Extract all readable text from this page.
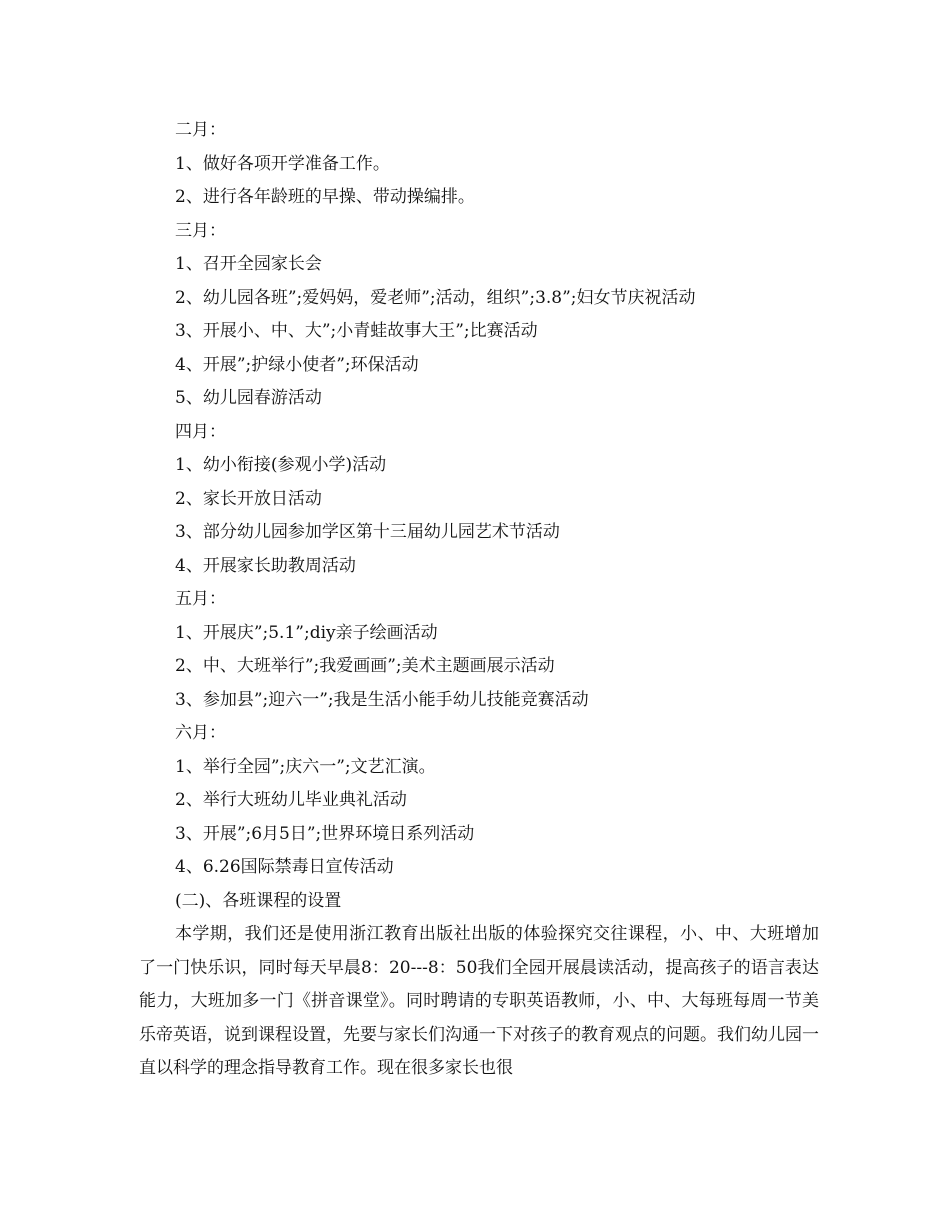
二月：
1、做好各项开学准备工作。
2、进行各年龄班的早操、带动操编排。
三月：
1、召开全园家长会
2、幼儿园各班”;爱妈妈，爱老师”;活动，组织”;3.8”;妇女节庆祝活动
3、开展小、中、大”;小青蛙故事大王”;比赛活动
4、开展”;护绿小使者”;环保活动
5、幼儿园春游活动
四月：
1、幼小衔接(参观小学)活动
2、家长开放日活动
3、部分幼儿园参加学区第十三届幼儿园艺术节活动
4、开展家长助教周活动
五月：
1、开展庆”;5.1”;diy亲子绘画活动
2、中、大班举行”;我爱画画”;美术主题画展示活动
3、参加县”;迎六一”;我是生活小能手幼儿技能竞赛活动
六月：
1、举行全园”;庆六一”;文艺汇演。
2、举行大班幼儿毕业典礼活动
3、开展”;6月5日”;世界环境日系列活动
4、6.26国际禁毒日宣传活动
(二)、各班课程的设置

本学期，我们还是使用浙江教育出版社出版的体验探究交往课程，小、中、大班增加了一门快乐识，同时每天早晨8：20---8：50我们全园开展晨读活动，提高孩子的语言表达能力，大班加多一门《拼音课堂》。同时聘请的专职英语教师，小、中、大每班每周一节美乐帝英语，说到课程设置，先要与家长们沟通一下对孩子的教育观点的问题。我们幼儿园一直以科学的理念指导教育工作。现在很多家长也很
